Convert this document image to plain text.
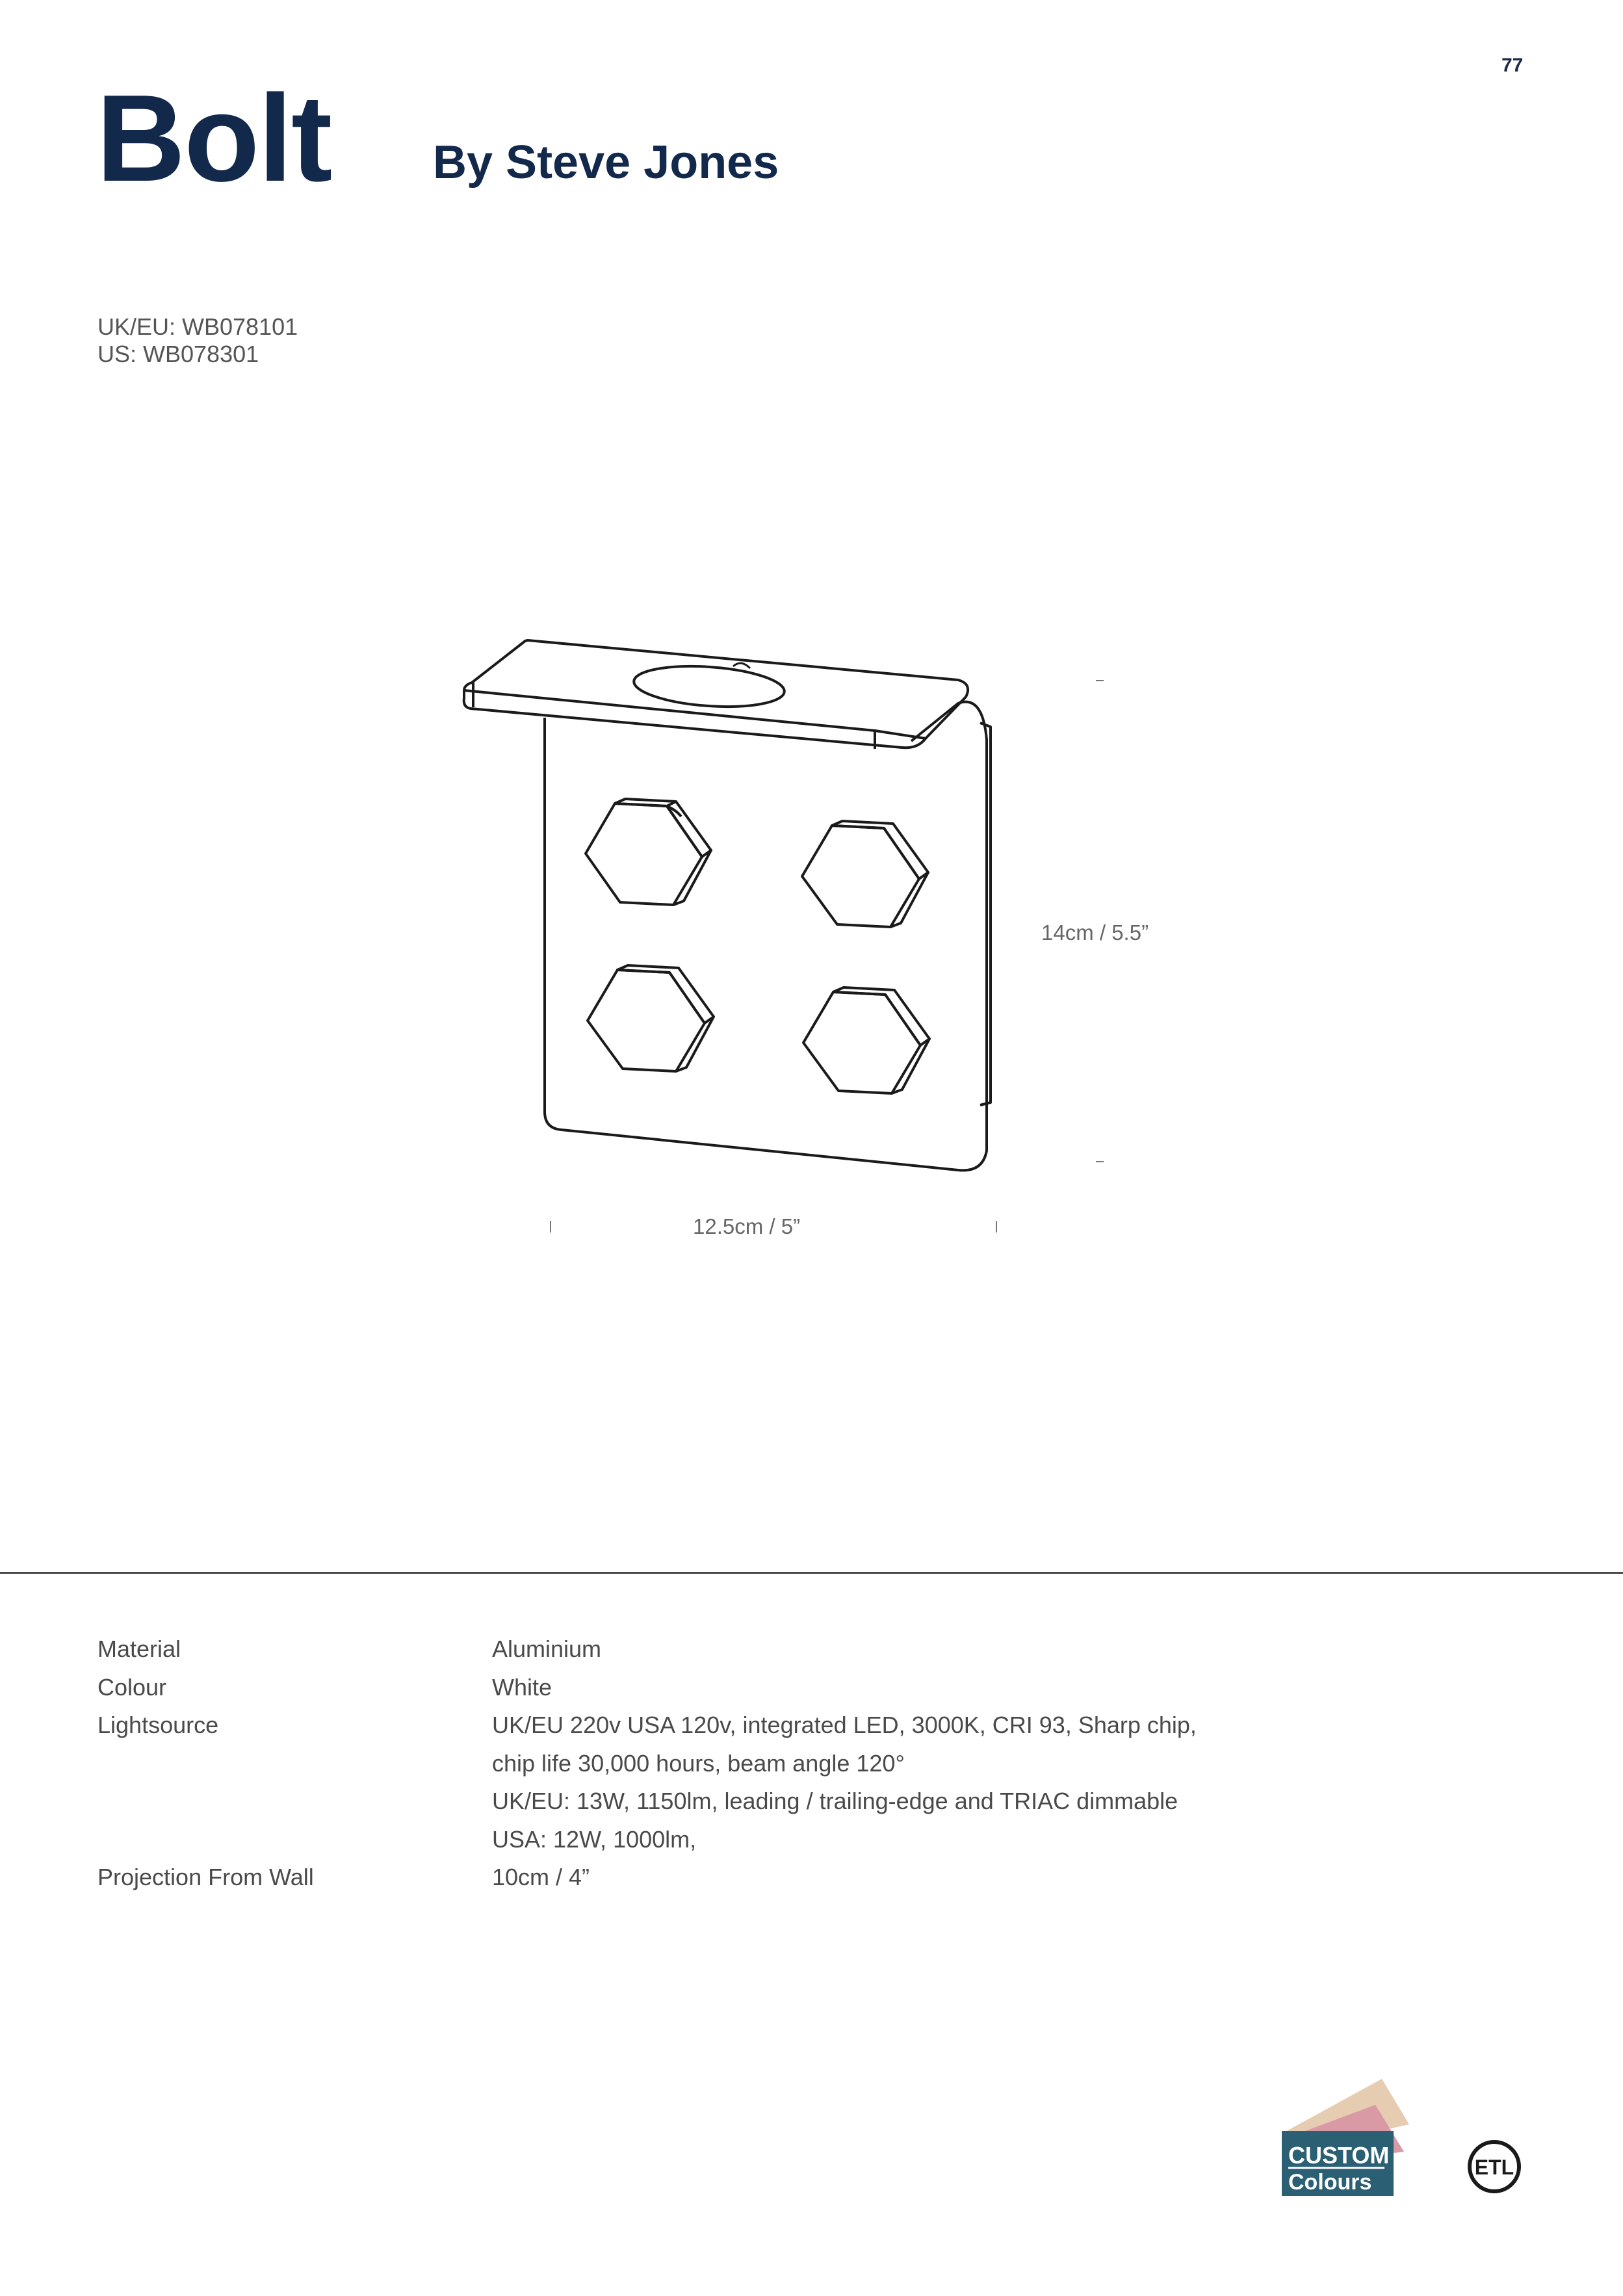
77
Bolt By Steve Jones
UK/EU: WB078101
US: WB078301
14cm / 5.5”
12.5cm / 5”
Material	Aluminium
Colour	White
Lightsource	UK/EU 220v USA 120v, integrated LED, 3000K, CRI 93, Sharp chip,
chip life 30,000 hours, beam angle 120°
UK/EU: 13W, 1150lm, leading / trailing-edge and TRIAC dimmable
USA: 12W, 1000lm,
Projection From Wall	10cm / 4”
CUSTOM
Colours
ETL
